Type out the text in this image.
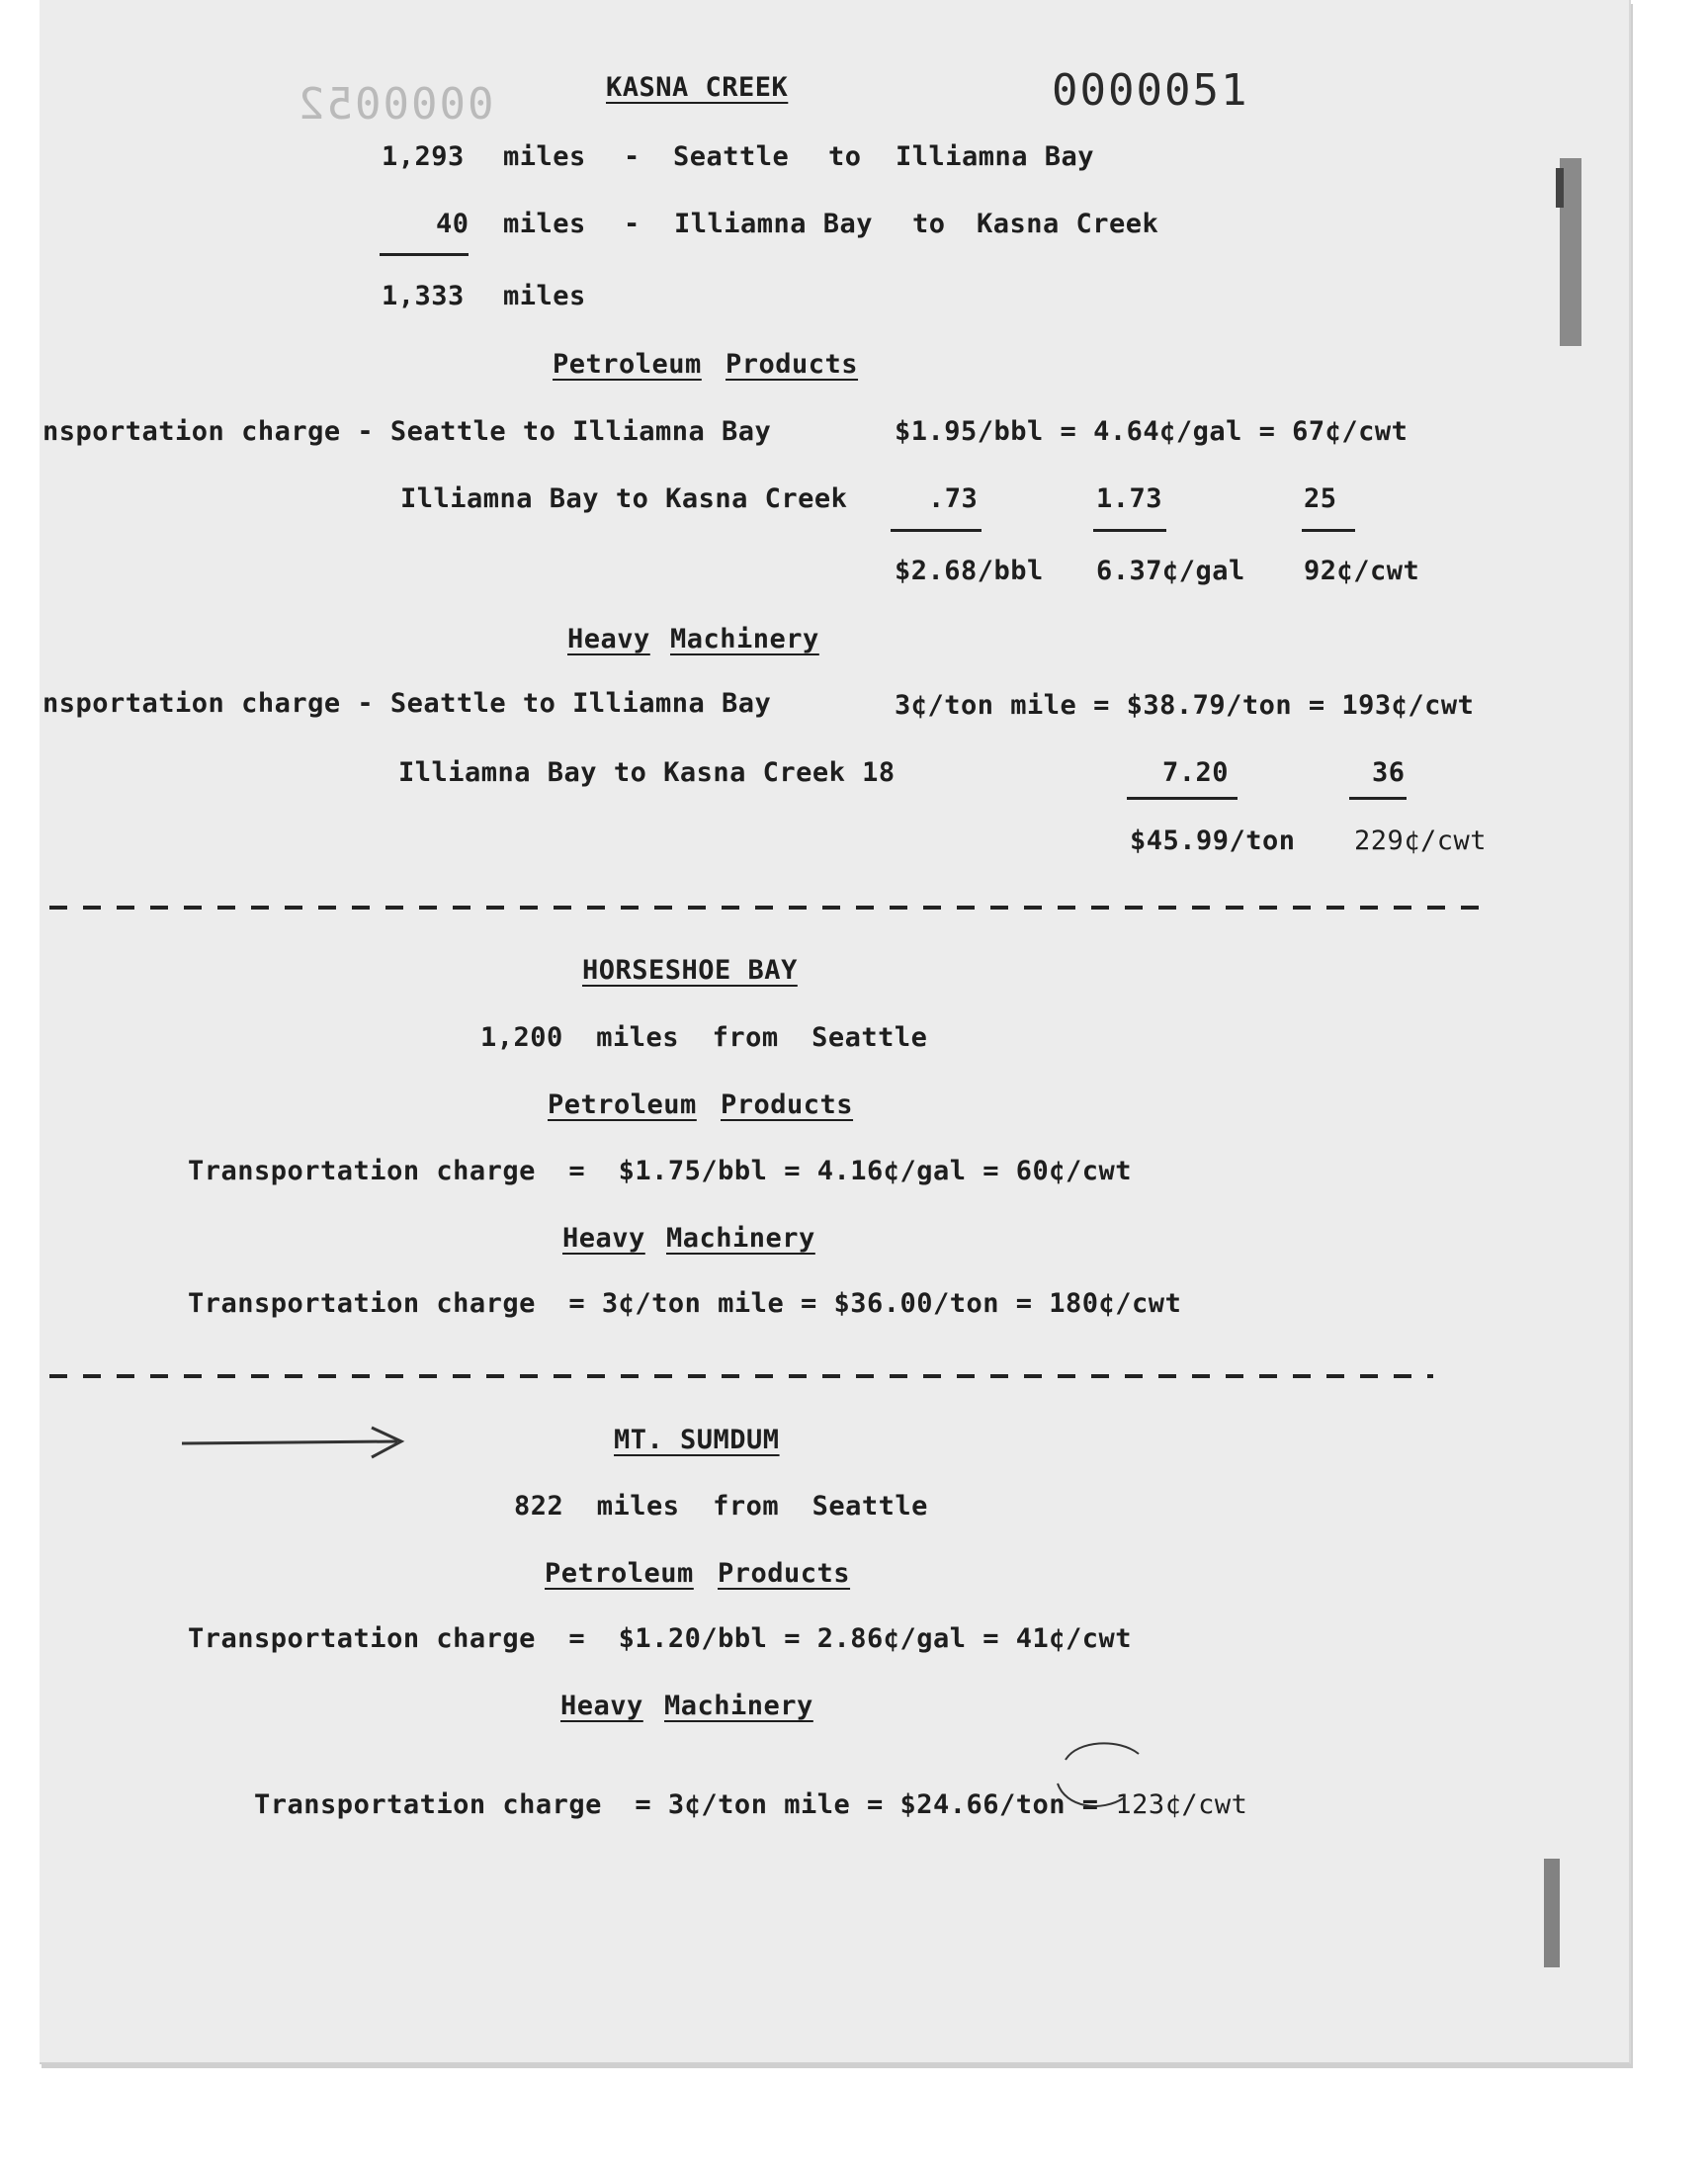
0000052	0000051
KASNA CREEK
1,293 miles - Seattle to Illiamna Bay
40 miles - Illiamna Bay to Kasna Creek
1,333 miles
Petroleum Products
nsportation charge - Seattle to Illiamna Bay	$1.95/bbl = 4.64¢/gal = 67¢/cwt
Illiamna Bay to Kasna Creek	.73	1.73	25
$2.68/bbl 6.37¢/gal 92¢/cwt
Heavy Machinery
nsportation charge - Seattle to Illiamna Bay	3¢/ton mile = $38.79/ton = 193¢/cwt
Illiamna Bay to Kasna Creek 18	7.20	36
$45.99/ton 229¢/cwt
HORSESHOE BAY
1,200  miles  from  Seattle
Petroleum Products
Transportation charge  =  $1.75/bbl = 4.16¢/gal = 60¢/cwt
Heavy Machinery
Transportation charge  = 3¢/ton mile = $36.00/ton = 180¢/cwt
MT. SUMDUM
822  miles  from  Seattle
Petroleum Products
Transportation charge  =  $1.20/bbl = 2.86¢/gal = 41¢/cwt
Heavy Machinery

Transportation charge  = 3¢/ton mile = $24.66/ton = 123¢/cwt
